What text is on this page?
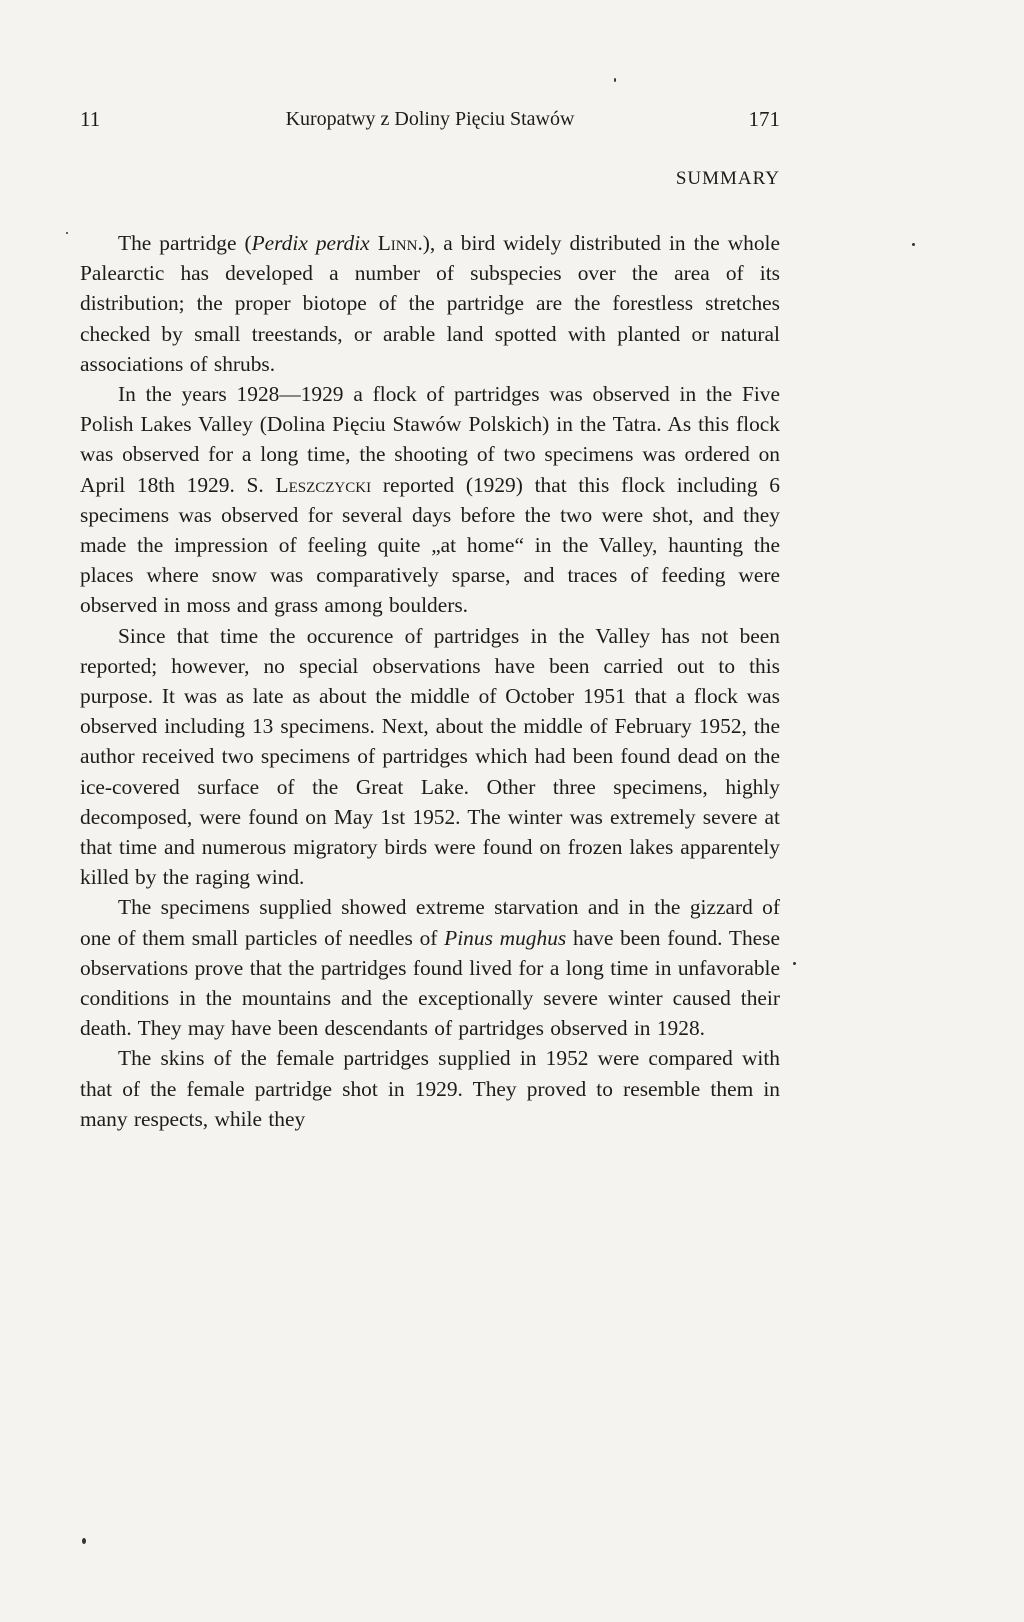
11	Kuropatwy z Doliny Pięciu Stawów	171
SUMMARY

The partridge (Perdix perdix Linn.), a bird widely distributed in the whole Palearctic has developed a number of subspecies over the area of its distribution; the proper biotope of the partridge are the forestless stretches checked by small treestands, or arable land spotted with planted or natural associations of shrubs.

In the years 1928—1929 a flock of partridges was observed in the Five Polish Lakes Valley (Dolina Pięciu Stawów Polskich) in the Tatra. As this flock was observed for a long time, the shooting of two specimens was ordered on April 18th 1929. S. Leszczycki reported (1929) that this flock including 6 specimens was observed for several days before the two were shot, and they made the impression of feeling quite „at home“ in the Valley, haunting the places where snow was comparatively sparse, and traces of feeding were observed in moss and grass among boulders.

Since that time the occurence of partridges in the Valley has not been reported; however, no special observations have been carried out to this purpose. It was as late as about the middle of October 1951 that a flock was observed including 13 specimens. Next, about the middle of February 1952, the author received two specimens of partridges which had been found dead on the ice-covered surface of the Great Lake. Other three specimens, highly decomposed, were found on May 1st 1952. The winter was extremely severe at that time and numerous migratory birds were found on frozen lakes apparentely killed by the raging wind.

The specimens supplied showed extreme starvation and in the gizzard of one of them small particles of needles of Pinus mughus have been found. These observations prove that the partridges found lived for a long time in unfavorable conditions in the mountains and the exceptionally severe winter caused their death. They may have been descendants of partridges observed in 1928.

The skins of the female partridges supplied in 1952 were compared with that of the female partridge shot in 1929. They proved to resemble them in many respects, while they
